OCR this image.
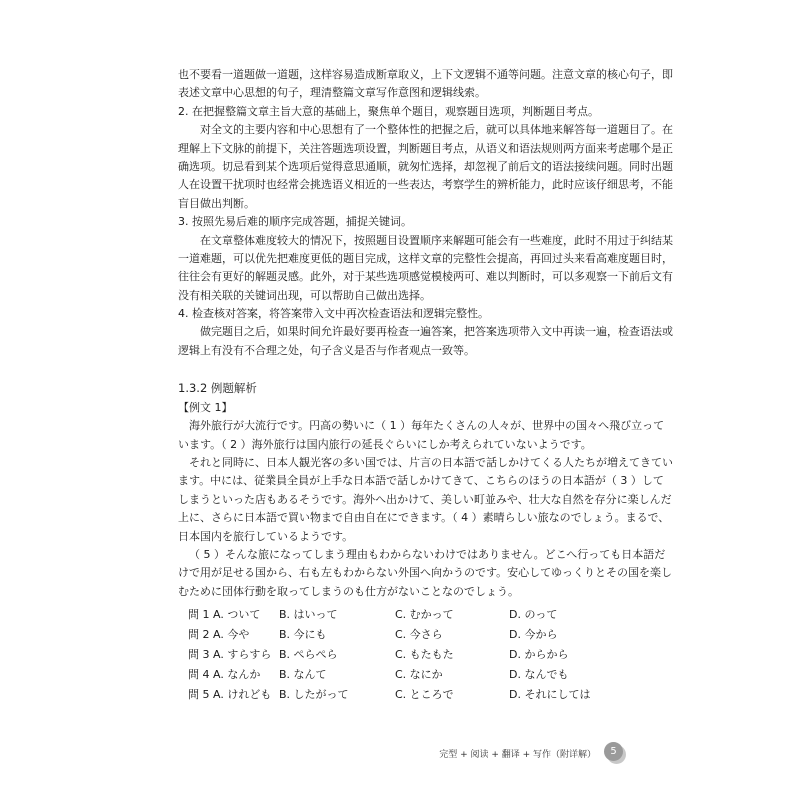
也不要看一道题做一道题，这样容易造成断章取义，上下文逻辑不通等问题。注意文章的核心句子，即
表述文章中心思想的句子，理清整篇文章写作意图和逻辑线索。
2. 在把握整篇文章主旨大意的基础上，聚焦单个题目，观察题目选项，判断题目考点。
对全文的主要内容和中心思想有了一个整体性的把握之后，就可以具体地来解答每一道题目了。在
理解上下文脉的前提下，关注答题选项设置，判断题目考点，从语义和语法规则两方面来考虑哪个是正
确选项。切忌看到某个选项后觉得意思通顺，就匆忙选择，却忽视了前后文的语法接续问题。同时出题
人在设置干扰项时也经常会挑选语义相近的一些表达，考察学生的辨析能力，此时应该仔细思考，不能
盲目做出判断。
3. 按照先易后难的顺序完成答题，捕捉关键词。
在文章整体难度较大的情况下，按照题目设置顺序来解题可能会有一些难度，此时不用过于纠结某
一道难题，可以优先把难度更低的题目完成，这样文章的完整性会提高，再回过头来看高难度题目时，
往往会有更好的解题灵感。此外，对于某些选项感觉模棱两可、难以判断时，可以多观察一下前后文有
没有相关联的关键词出现，可以帮助自己做出选择。
4. 检查核对答案，将答案带入文中再次检查语法和逻辑完整性。
做完题目之后，如果时间允许最好要再检查一遍答案，把答案选项带入文中再读一遍，检查语法或
逻辑上有没有不合理之处，句子含义是否与作者观点一致等。
1.3.2 例题解析
【例文 1】
海外旅行が大流行です。円高の勢いに（ 1 ）毎年たくさんの人々が、世界中の国々へ飛び立って
います。（ 2 ）海外旅行は国内旅行の延長ぐらいにしか考えられていないようです。
それと同時に、日本人観光客の多い国では、片言の日本語で話しかけてくる人たちが増えてきてい
ます。中には、従業員全員が上手な日本語で話しかけてきて、こちらのほうの日本語が（ 3 ）して
しまうといった店もあるそうです。海外へ出かけて、美しい町並みや、壮大な自然を存分に楽しんだ
上に、さらに日本語で買い物まで自由自在にできます。（ 4 ）素晴らしい旅なのでしょう。まるで、
日本国内を旅行しているようです。
（ 5 ）そんな旅になってしまう理由もわからないわけではありません。どこへ行っても日本語だ
けで用が足せる国から、右も左もわからない外国へ向かうのです。安心してゆっくりとその国を楽し
むために団体行動を取ってしまうのも仕方がないことなのでしょう。
問 1 A. ついて	B. はいって	C. むかって	D. のって
問 2 A. 今や	B. 今にも	C. 今さら	D. 今から
問 3 A. すらすら B. ぺらぺら	C. もたもた	D. からから
問 4 A. なんか	B. なんて	C. なにか	D. なんでも
問 5 A. けれども B. したがって	C. ところで	D. それにしては
完型 + 阅读 + 翻译 + 写作（附详解）	5
